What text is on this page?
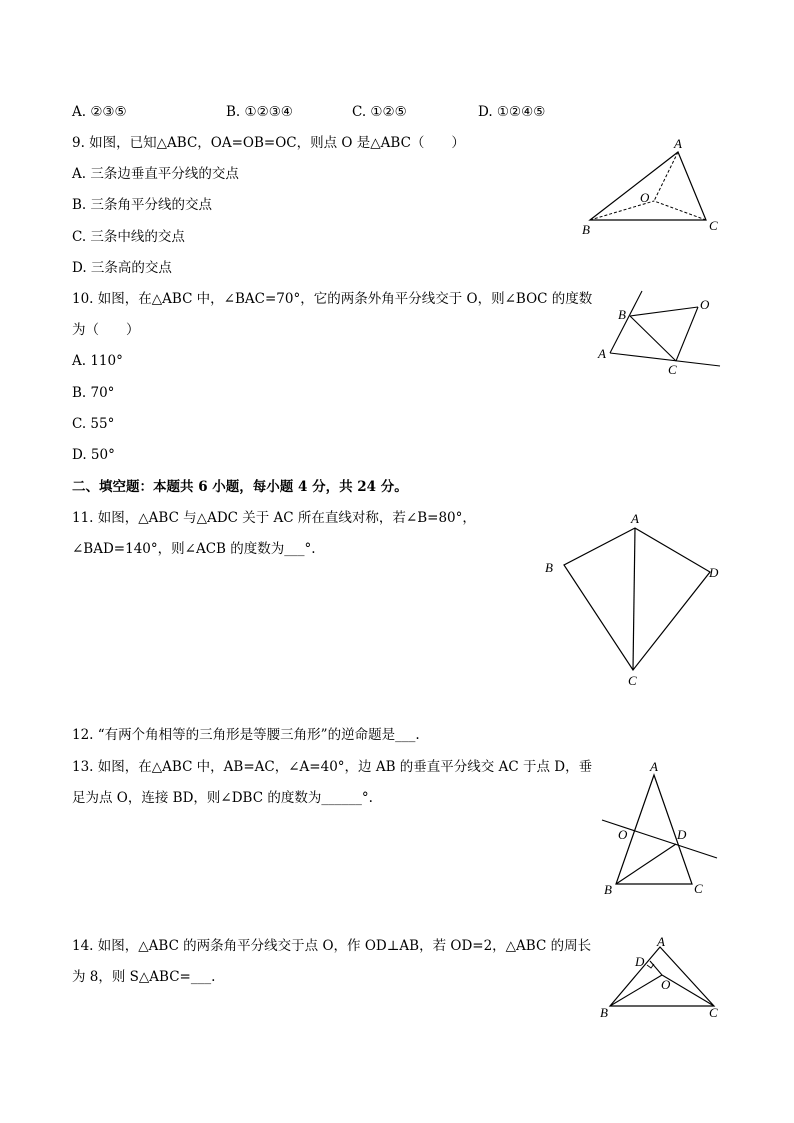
A. ②③⑤	B. ①②③④	C. ①②⑤	D. ①②④⑤
9. 如图，已知△ABC，OA=OB=OC，则点 O 是△ABC（　　）
A. 三条边垂直平分线的交点
B. 三条角平分线的交点
C. 三条中线的交点
D. 三条高的交点
A
B	C
O
10. 如图，在△ABC 中，∠BAC=70°，它的两条外角平分线交于 O，则∠BOC 的度数
为（　　）
A. 110°
B. 70°
C. 55°
D. 50°
B
O
A
C
二、填空题：本题共 6 小题，每小题 4 分，共 24 分。
11. 如图，△ABC 与△ADC 关于 AC 所在直线对称，若∠B=80°，
∠BAD=140°，则∠ACB 的度数为___°.
A
B	D
C
12. “有两个角相等的三角形是等腰三角形”的逆命题是___.
13. 如图，在△ABC 中，AB=AC，∠A=40°，边 AB 的垂直平分线交 AC 于点 D，垂
足为点 O，连接 BD，则∠DBC 的度数为______°.
A
O	D
B	C
14. 如图，△ABC 的两条角平分线交于点 O，作 OD⊥AB，若 OD=2，△ABC 的周长
为 8，则 S△ABC=___.
A
D
O
B	C
